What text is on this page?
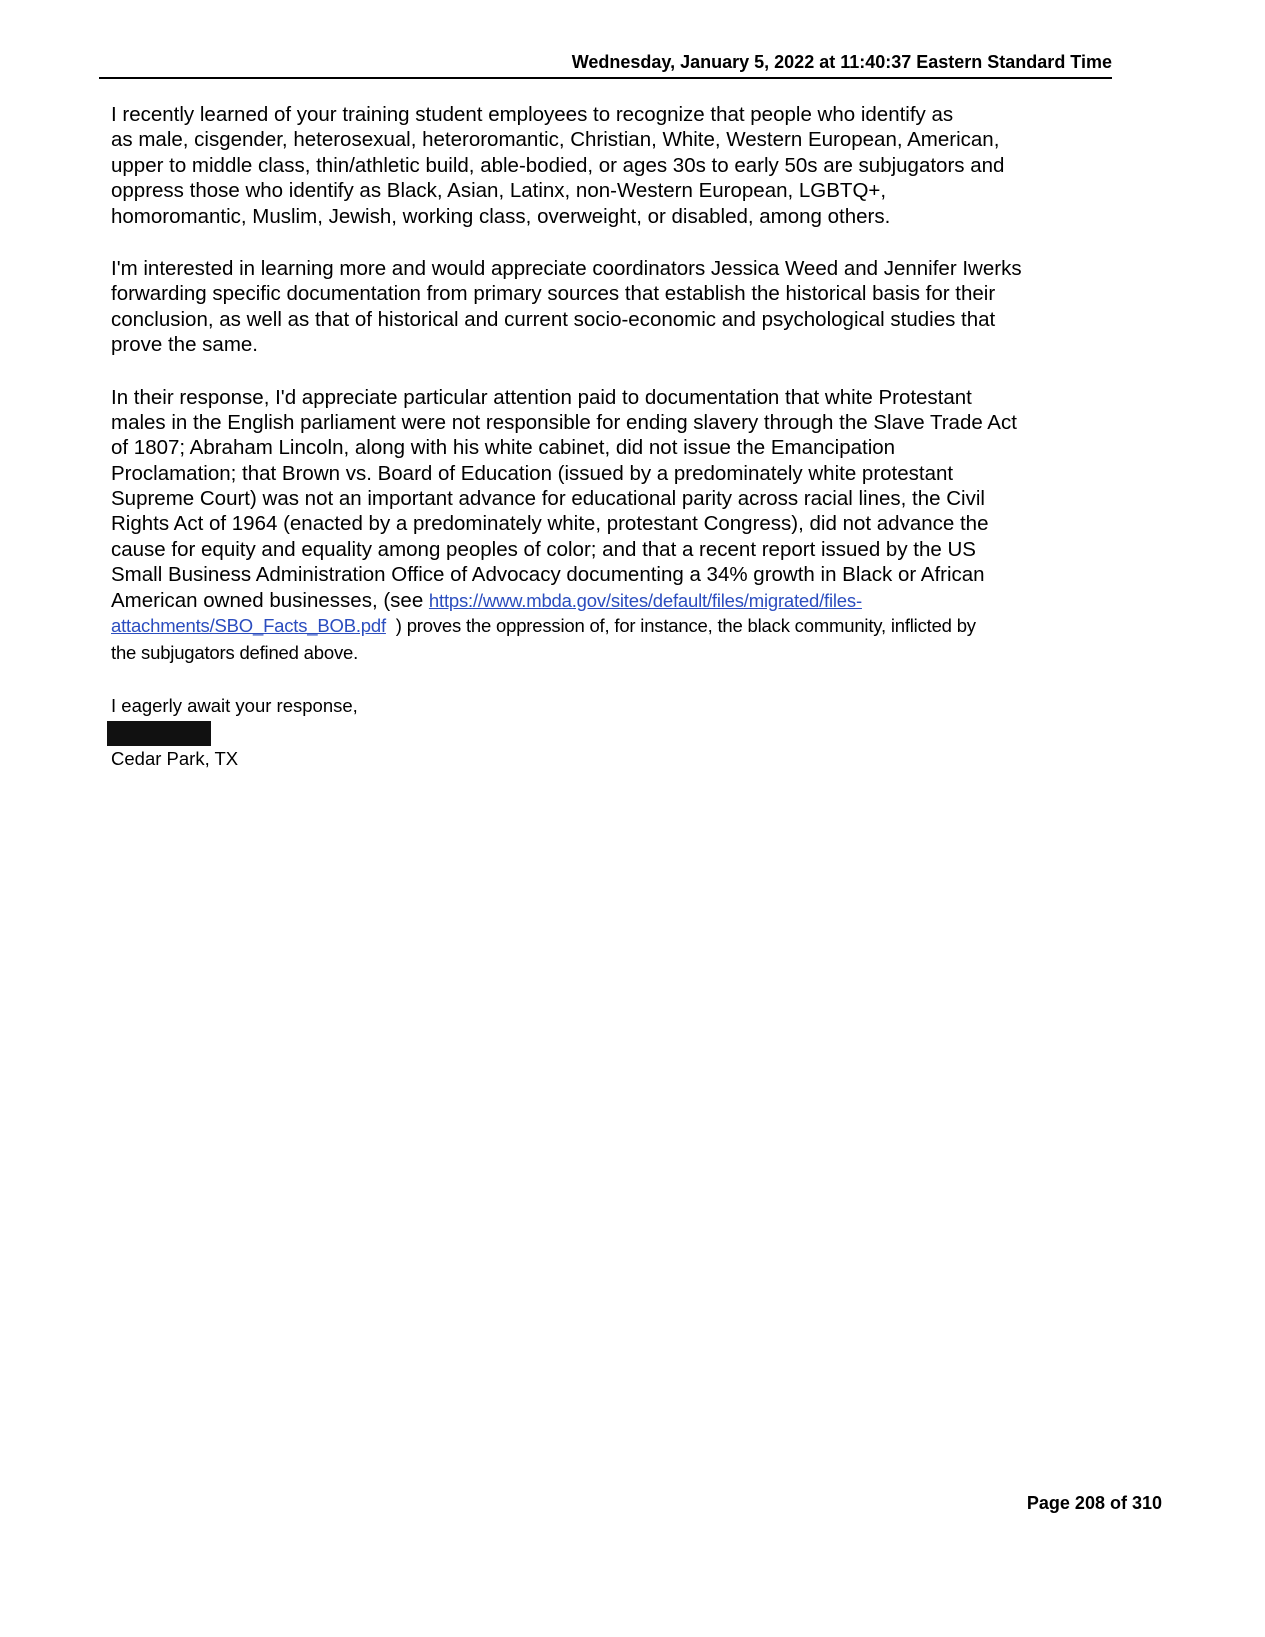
Wednesday, January 5, 2022 at 11:40:37 Eastern Standard Time
I recently learned of your training student employees to recognize that people who identify as
as male, cisgender, heterosexual, heteroromantic, Christian, White, Western European, American,
upper to middle class, thin/athletic build, able-bodied, or ages 30s to early 50s are subjugators and
oppress those who identify as Black, Asian, Latinx, non-Western European, LGBTQ+,
homoromantic, Muslim, Jewish, working class, overweight, or disabled, among others.
I'm interested in learning more and would appreciate coordinators Jessica Weed and Jennifer Iwerks
forwarding specific documentation from primary sources that establish the historical basis for their
conclusion, as well as that of historical and current socio-economic and psychological studies that
prove the same.
In their response, I'd appreciate particular attention paid to documentation that white Protestant
males in the English parliament were not responsible for ending slavery through the Slave Trade Act
of 1807; Abraham Lincoln, along with his white cabinet, did not issue the Emancipation
Proclamation; that Brown vs. Board of Education (issued by a predominately white protestant
Supreme Court) was not an important advance for educational parity across racial lines, the Civil
Rights Act of 1964 (enacted by a predominately white, protestant Congress), did not advance the
cause for equity and equality among peoples of color; and that a recent report issued by the US
Small Business Administration Office of Advocacy documenting a 34% growth in Black or African
American owned businesses, (see https://www.mbda.gov/sites/default/files/migrated/files-
attachments/SBO_Facts_BOB.pdf  ) proves the oppression of, for instance, the black community, inflicted by
the subjugators defined above.
I eagerly await your response,
Cedar Park, TX
Page 208 of 310
